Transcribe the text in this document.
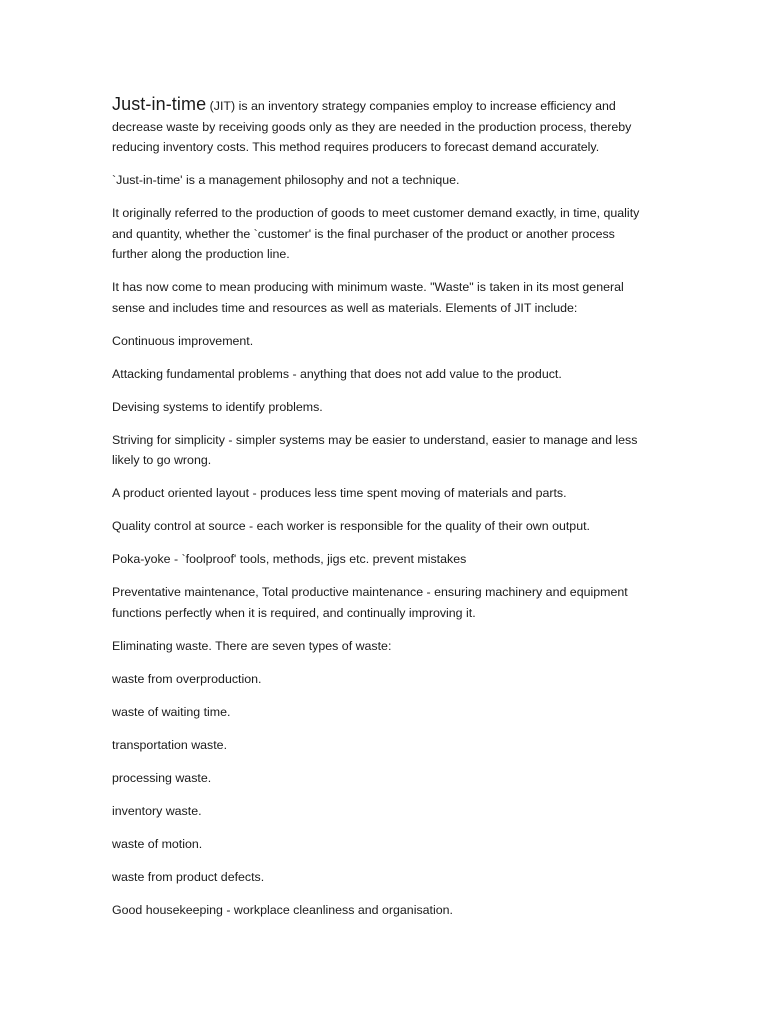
Just-in-time (JIT) is an inventory strategy companies employ to increase efficiency and decrease waste by receiving goods only as they are needed in the production process, thereby reducing inventory costs. This method requires producers to forecast demand accurately.

`Just-in-time' is a management philosophy and not a technique.

It originally referred to the production of goods to meet customer demand exactly, in time, quality and quantity, whether the `customer' is the final purchaser of the product or another process further along the production line.

It has now come to mean producing with minimum waste. "Waste" is taken in its most general sense and includes time and resources as well as materials. Elements of JIT include:

Continuous improvement.

Attacking fundamental problems - anything that does not add value to the product.

Devising systems to identify problems.

Striving for simplicity - simpler systems may be easier to understand, easier to manage and less likely to go wrong.

A product oriented layout - produces less time spent moving of materials and parts.

Quality control at source - each worker is responsible for the quality of their own output.

Poka-yoke - `foolproof' tools, methods, jigs etc. prevent mistakes

Preventative maintenance, Total productive maintenance - ensuring machinery and equipment functions perfectly when it is required, and continually improving it.

Eliminating waste. There are seven types of waste:

waste from overproduction.

waste of waiting time.

transportation waste.

processing waste.

inventory waste.

waste of motion.

waste from product defects.

Good housekeeping - workplace cleanliness and organisation.
